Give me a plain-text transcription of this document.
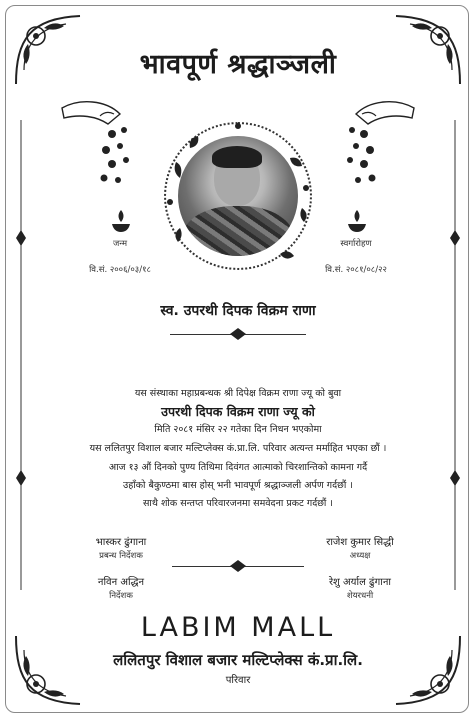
भावपूर्ण श्रद्धाञ्जली
जन्म
वि.सं. २००६/०३/१८
स्वर्गारोहण
वि.सं. २०८१/०८/२२
स्व. उपरथी दिपक विक्रम राणा
यस संस्थाका महाप्रबन्धक श्री दिपेक्ष विक्रम राणा ज्यू को बुवा
उपरथी दिपक विक्रम राणा ज्यू को
मिति २०८१ मंसिर २२ गतेका दिन निधन भएकोमा
यस ललितपुर विशाल बजार मल्टिप्लेक्स कं.प्रा.लि. परिवार अत्यन्त मर्माहित भएका छौं ।
आज १३ औं दिनको पुण्य तिथिमा दिवंगत आत्माको चिरशान्तिको कामना गर्दै
उहाँको बैकुण्ठमा बास होस् भनी भावपूर्ण श्रद्धाञ्जली अर्पण गर्दछौं ।
साथै शोक सन्तप्त परिवारजनमा समवेदना प्रकट गर्दछौं ।
भास्कर ढुंगाना
प्रबन्ध निर्देशक
राजेश कुमार सिद्धी
अध्यक्ष
नविन अद्धिन
निर्देशक
रेशु अर्याल ढुंगाना
शेयरधनी
LABIM MALL
ललितपुर विशाल बजार मल्टिप्लेक्स कं.प्रा.लि.
परिवार
